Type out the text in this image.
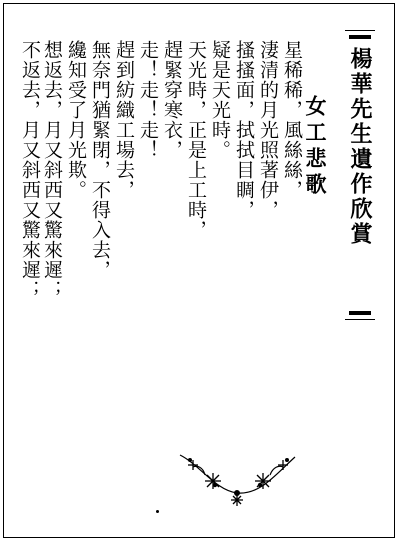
楊華先生遺作欣賞
女工悲歌
星稀稀，風絲絲，
淒清的月光照著伊，
搔搔面，拭拭目睭，
疑是天光時。
天光時，正是上工時，
趕緊穿寒衣，
走！走！走！
趕到紡織工場去，
無奈門猶緊閉，不得入去，
纔知受了月光欺。
想返去，月又斜西又驚來遲；
不返去，月又斜西又驚來遲；
